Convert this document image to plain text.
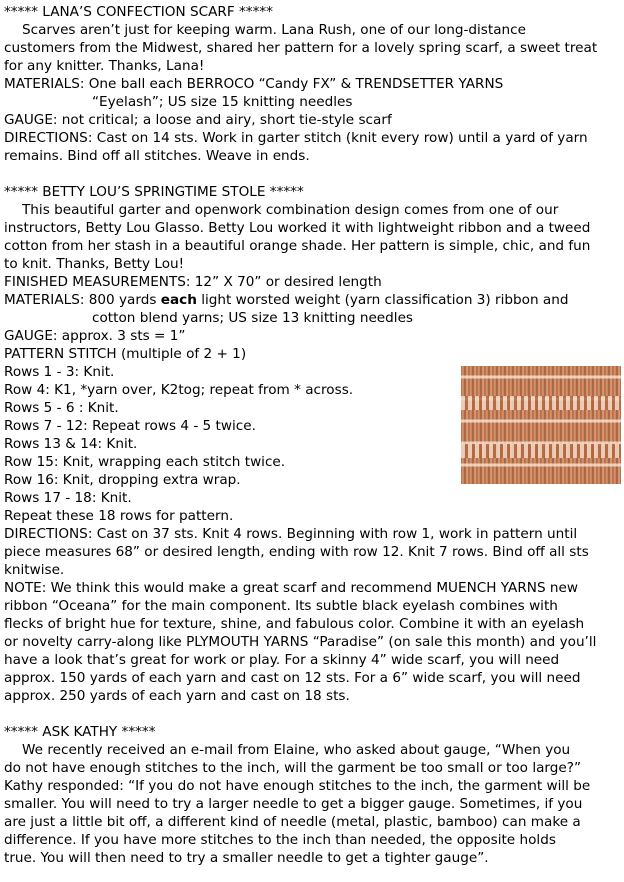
***** LANA’S CONFECTION SCARF *****
Scarves aren’t just for keeping warm. Lana Rush, one of our long-distance
customers from the Midwest, shared her pattern for a lovely spring scarf, a sweet treat
for any knitter. Thanks, Lana!
MATERIALS: One ball each BERROCO “Candy FX” & TRENDSETTER YARNS
“Eyelash”; US size 15 knitting needles
GAUGE: not critical; a loose and airy, short tie-style scarf
DIRECTIONS: Cast on 14 sts. Work in garter stitch (knit every row) until a yard of yarn
remains. Bind off all stitches. Weave in ends.
***** BETTY LOU’S SPRINGTIME STOLE *****
This beautiful garter and openwork combination design comes from one of our
instructors, Betty Lou Glasso. Betty Lou worked it with lightweight ribbon and a tweed
cotton from her stash in a beautiful orange shade. Her pattern is simple, chic, and fun
to knit. Thanks, Betty Lou!
FINISHED MEASUREMENTS: 12” X 70” or desired length
MATERIALS: 800 yards each light worsted weight (yarn classification 3) ribbon and
cotton blend yarns; US size 13 knitting needles
GAUGE: approx. 3 sts = 1”
PATTERN STITCH (multiple of 2 + 1)
Rows 1 - 3: Knit.
Row 4: K1, *yarn over, K2tog; repeat from * across.
Rows 5 - 6 : Knit.
Rows 7 - 12: Repeat rows 4 - 5 twice.
Rows 13 & 14: Knit.
Row 15: Knit, wrapping each stitch twice.
Row 16: Knit, dropping extra wrap.
Rows 17 - 18: Knit.
Repeat these 18 rows for pattern.
DIRECTIONS: Cast on 37 sts. Knit 4 rows. Beginning with row 1, work in pattern until
piece measures 68” or desired length, ending with row 12. Knit 7 rows. Bind off all sts
knitwise.
NOTE: We think this would make a great scarf and recommend MUENCH YARNS new
ribbon “Oceana” for the main component. Its subtle black eyelash combines with
flecks of bright hue for texture, shine, and fabulous color. Combine it with an eyelash
or novelty carry-along like PLYMOUTH YARNS “Paradise” (on sale this month) and you’ll
have a look that’s great for work or play. For a skinny 4” wide scarf, you will need
approx. 150 yards of each yarn and cast on 12 sts. For a 6” wide scarf, you will need
approx. 250 yards of each yarn and cast on 18 sts.
***** ASK KATHY *****
We recently received an e-mail from Elaine, who asked about gauge, “When you
do not have enough stitches to the inch, will the garment be too small or too large?”
Kathy responded: “If you do not have enough stitches to the inch, the garment will be
smaller. You will need to try a larger needle to get a bigger gauge. Sometimes, if you
are just a little bit off, a different kind of needle (metal, plastic, bamboo) can make a
difference. If you have more stitches to the inch than needed, the opposite holds
true. You will then need to try a smaller needle to get a tighter gauge”.
